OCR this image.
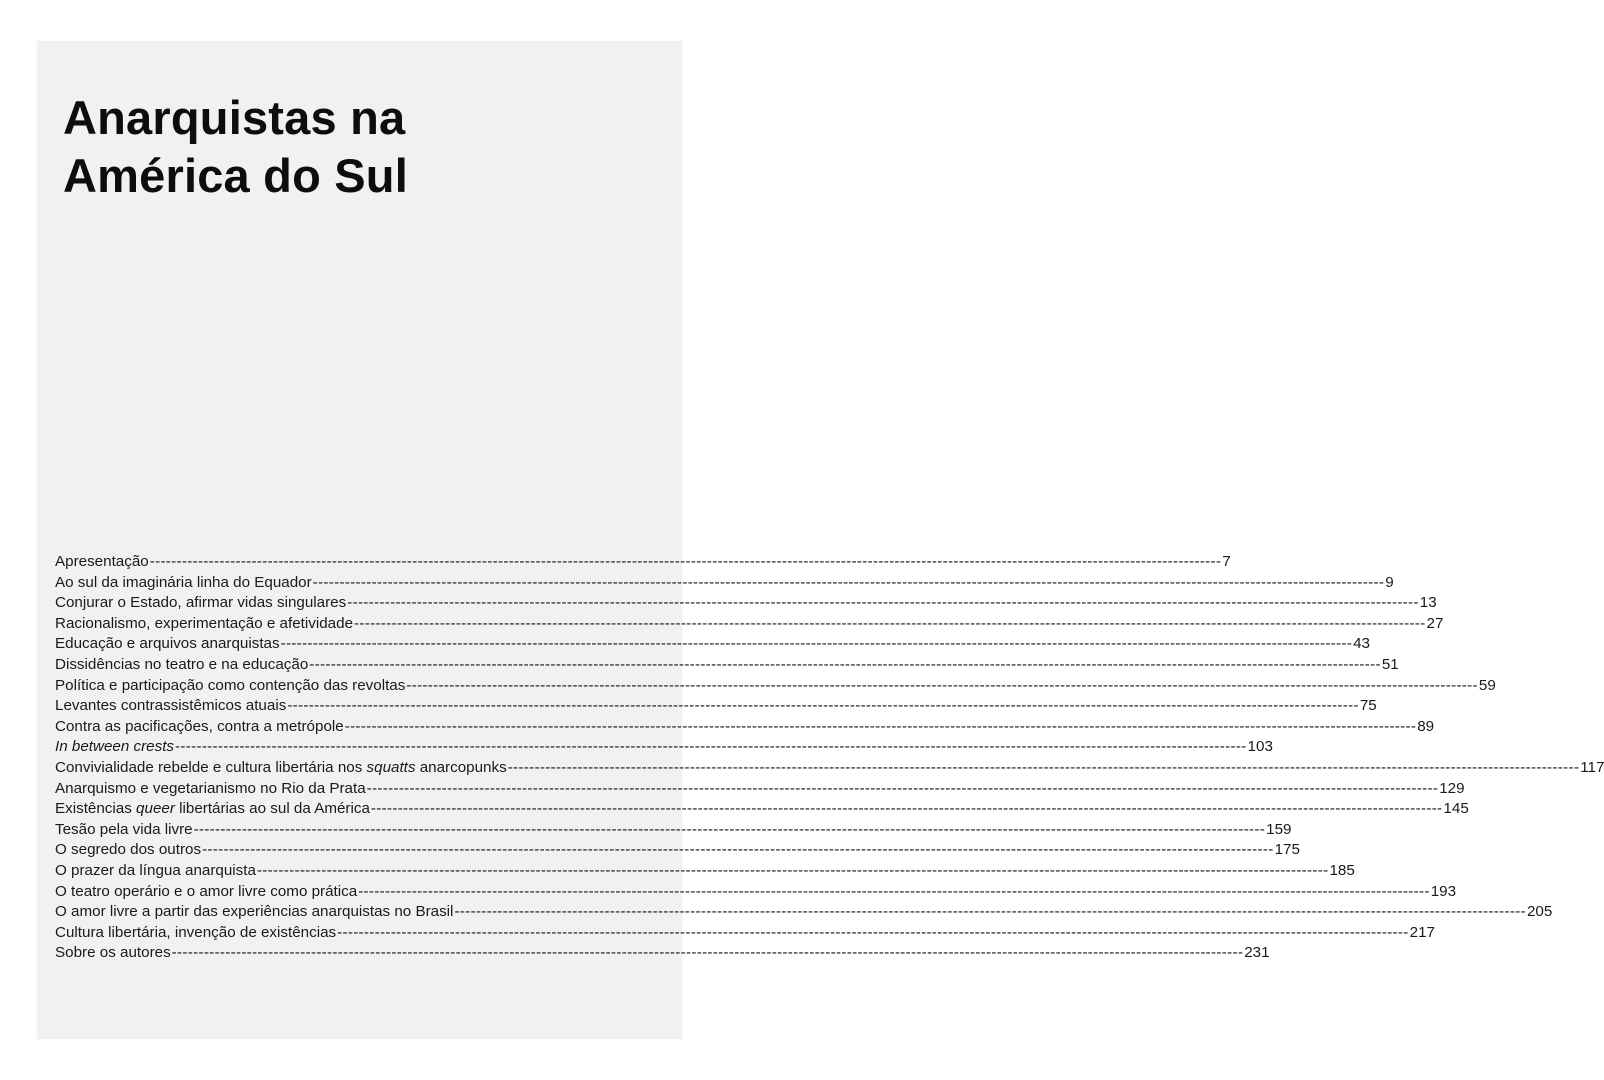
Anarquistas na
América do Sul
Apresentação -------------------------------------------------------------------------------------------------------------------------------------------------------------------------------------------------------- 7
Ao sul da imaginária linha do Equador -------------------------------------------------------------------------------------------------------------------------------------------------------------------------------------------------------- 9
Conjurar o Estado, afirmar vidas singulares -------------------------------------------------------------------------------------------------------------------------------------------------------------------------------------------------------- 13
Racionalismo, experimentação e afetividade -------------------------------------------------------------------------------------------------------------------------------------------------------------------------------------------------------- 27
Educação e arquivos anarquistas -------------------------------------------------------------------------------------------------------------------------------------------------------------------------------------------------------- 43
Dissidências no teatro e na educação -------------------------------------------------------------------------------------------------------------------------------------------------------------------------------------------------------- 51
Política e participação como contenção das revoltas -------------------------------------------------------------------------------------------------------------------------------------------------------------------------------------------------------- 59
Levantes contrassistêmicos atuais -------------------------------------------------------------------------------------------------------------------------------------------------------------------------------------------------------- 75
Contra as pacificações, contra a metrópole -------------------------------------------------------------------------------------------------------------------------------------------------------------------------------------------------------- 89
In between crests -------------------------------------------------------------------------------------------------------------------------------------------------------------------------------------------------------- 103
Convivialidade rebelde e cultura libertária nos squatts anarcopunks -------------------------------------------------------------------------------------------------------------------------------------------------------------------------------------------------------- 117
Anarquismo e vegetarianismo no Rio da Prata -------------------------------------------------------------------------------------------------------------------------------------------------------------------------------------------------------- 129
Existências queer libertárias ao sul da América -------------------------------------------------------------------------------------------------------------------------------------------------------------------------------------------------------- 145
Tesão pela vida livre -------------------------------------------------------------------------------------------------------------------------------------------------------------------------------------------------------- 159
O segredo dos outros -------------------------------------------------------------------------------------------------------------------------------------------------------------------------------------------------------- 175
O prazer da língua anarquista -------------------------------------------------------------------------------------------------------------------------------------------------------------------------------------------------------- 185
O teatro operário e o amor livre como prática -------------------------------------------------------------------------------------------------------------------------------------------------------------------------------------------------------- 193
O amor livre a partir das experiências anarquistas no Brasil -------------------------------------------------------------------------------------------------------------------------------------------------------------------------------------------------------- 205
Cultura libertária, invenção de existências -------------------------------------------------------------------------------------------------------------------------------------------------------------------------------------------------------- 217
Sobre os autores -------------------------------------------------------------------------------------------------------------------------------------------------------------------------------------------------------- 231
